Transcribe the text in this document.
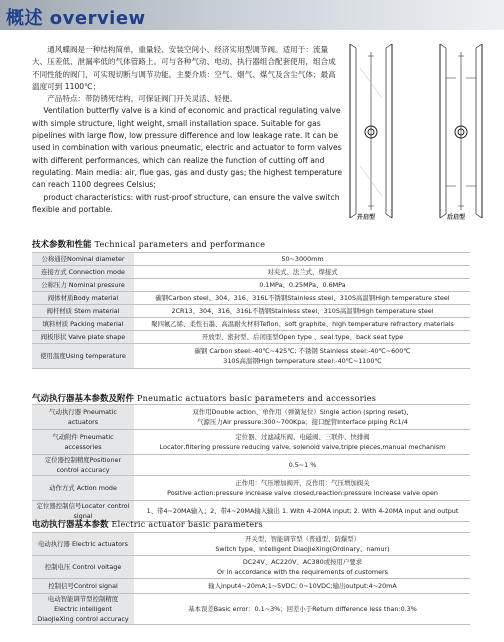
概述 overview

通风蝶阀是一种结构简单，重量轻、安装空间小、经济实用型调节阀。适用于：流量大、压差低、泄漏率低的气体管路上。可与各种气动、电动、执行器组合配套使用，组合成不同性能的阀门，可实现切断与调节功能。主要介质：空气、烟气、煤气及含尘气体；最高温度可到 1100℃；

产品特点：带防锈死结构，可保证阀门开关灵活、轻便。

Ventilation butterfly valve is a kind of economic and practical regulating valve with simple structure, light weight, small installation space. Suitable for gas pipelines with large flow, low pressure difference and low leakage rate. It can be used in combination with various pneumatic, electric and actuator to form valves with different performances, which can realize the function of cutting off and regulating. Main media: air, flue gas, gas and dusty gas; the highest temperature can reach 1100 degrees Celsius;

product characteristics: with rust-proof structure, can ensure the valve switch flexible and portable.

开启型	后启型
技术参数和性能 Technical parameters and performance
公称通径Nominal diameter	50~3000mm
连接方式 Connection mode	对夹式、法兰式、焊接式
公称压力 Nominal pressure	0.1MPa、0.25MPa、0.6MPa
阀体材质Body material	碳钢Carbon steel、304、316、316L不锈钢Stainless steel、310S高温钢High temperature steel
阀杆材质 Stem material	2CR13、304、316、316L不锈钢Stainless steel、310S高温钢High temperature steel
填料材质 Packing material	聚四氟乙烯、柔性石墨、高温耐火材料Teflon、soft graphite、high temperature refractory materials
阀板形状 Valve plate shape	开放型、密封型、后闭座型Open type 、seal type、back seat type
使用温度Using temperature	碳钢 Carbon steel:-40℃~425℃; 不锈钢 Stainless steel:-40℃~600℃
310S高温钢High temperature steel:-40℃~1100℃
气动执行器基本参数及附件 Pneumatic actuators basic parameters and accessories
气动执行器 Pneumatic actuators	双作用Double action、单作用（弹簧复位）Single action (spring reset)、
气源压力Air pressure:300~700Kpa；接口配管Interface piping Rc1/4
气动附件 Pneumatic accessories	定位器、过滤减压阀、电磁阀、三联件、快排阀
Locator,filtering pressure reducing valve, solenoid valve,triple pieces,manual mechanism
定位器控制精度Positioner control accuracy	0.5~1 %
动作方式 Action mode	正作用：气压增加阀开，反作用：气压增加阀关
Positive action:pressure increase valve closed,reaction:pressure increase valve open
定位器控制信号Locator control signal	1、带4~20MA输入；2、带4~20MA输入输出 1. With 4-20MA input; 2. With 4-20MA input and output
电动执行器基本参数 Electric actuator basic parameters
电动执行器 Electric actuators	开关型、智能调节型（普通型、防爆型）
Switch type、intelligent DiaoJieXing(Ordinary、namur)
控制电压 Control voltage	DC24V、AC220V、AC380或按用户要求
Or in accordance with the requirements of customers
控制信号Control signal	输入input4~20mA;1~5VDC; 0~10VDC;输出output:4~20mA
电动智能调节型控制精度
Electric intelligent DiaoJieXing control accuracy	基本误差Basic error：0.1~3%；回差小于Return difference less than:0.3%
